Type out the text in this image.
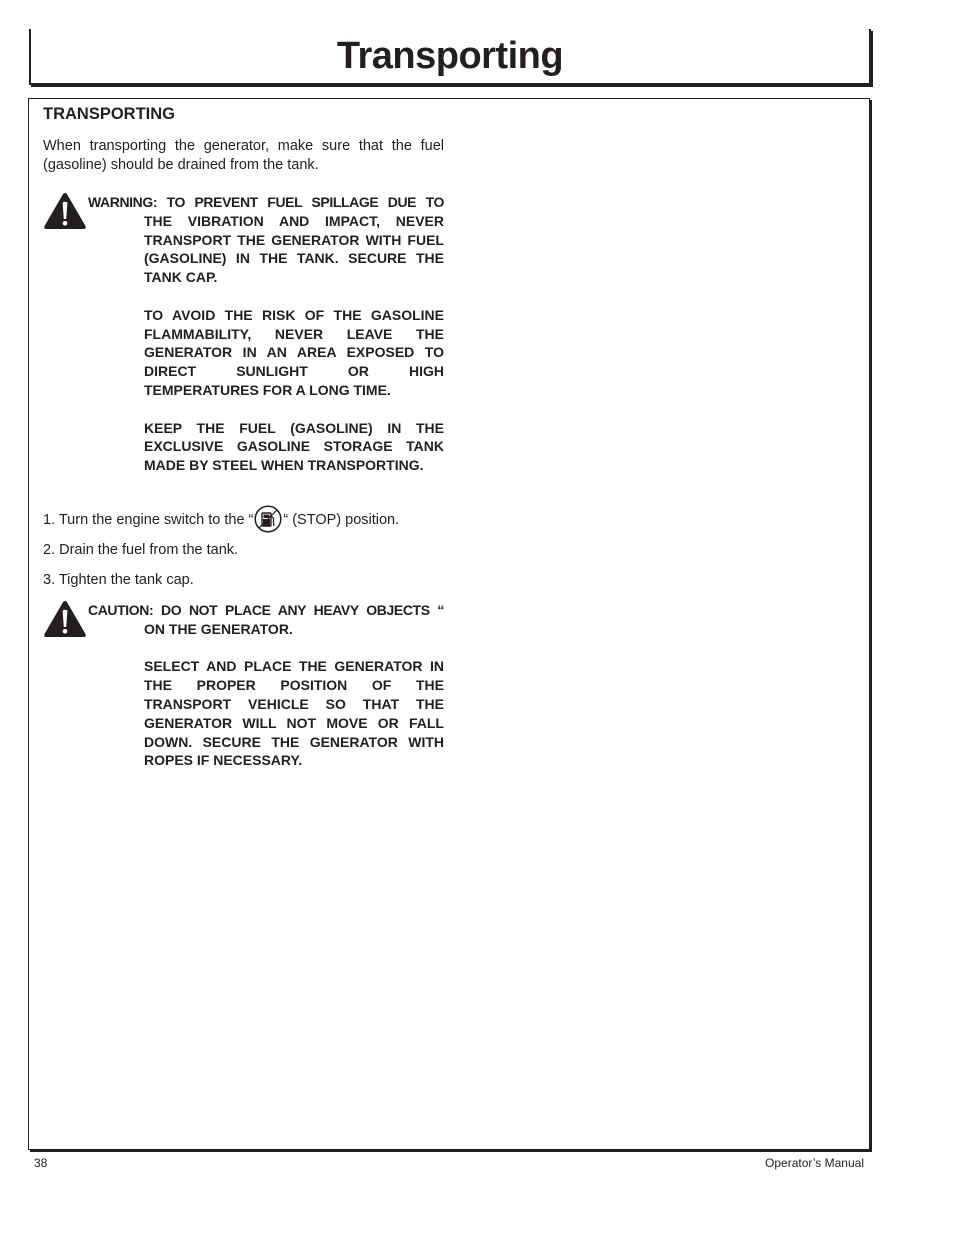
Transporting
TRANSPORTING

When transporting the generator, make sure that the fuel (gasoline) should be drained from the tank.

WARNING: TO PREVENT FUEL SPILLAGE DUE TO
THE VIBRATION AND IMPACT, NEVER TRANSPORT THE GENERATOR WITH FUEL (GASOLINE) IN THE TANK. SECURE THE TANK CAP.
TO AVOID THE RISK OF THE GASOLINE FLAMMABILITY, NEVER LEAVE THE GENERATOR IN AN AREA EXPOSED TO DIRECT SUNLIGHT OR HIGH TEMPERATURES FOR A LONG TIME.
KEEP THE FUEL (GASOLINE) IN THE EXCLUSIVE GASOLINE STORAGE TANK MADE BY STEEL WHEN TRANSPORTING.

1. Turn the engine switch to the “ “ (STOP) position.

2. Drain the fuel from the tank.

3. Tighten the tank cap.

CAUTION: DO NOT PLACE ANY HEAVY OBJECTS “
ON THE GENERATOR.
SELECT AND PLACE THE GENERATOR IN THE PROPER POSITION OF THE TRANSPORT VEHICLE SO THAT THE GENERATOR WILL NOT MOVE OR FALL DOWN. SECURE THE GENERATOR WITH ROPES IF NECESSARY.
38	Operator’s Manual
